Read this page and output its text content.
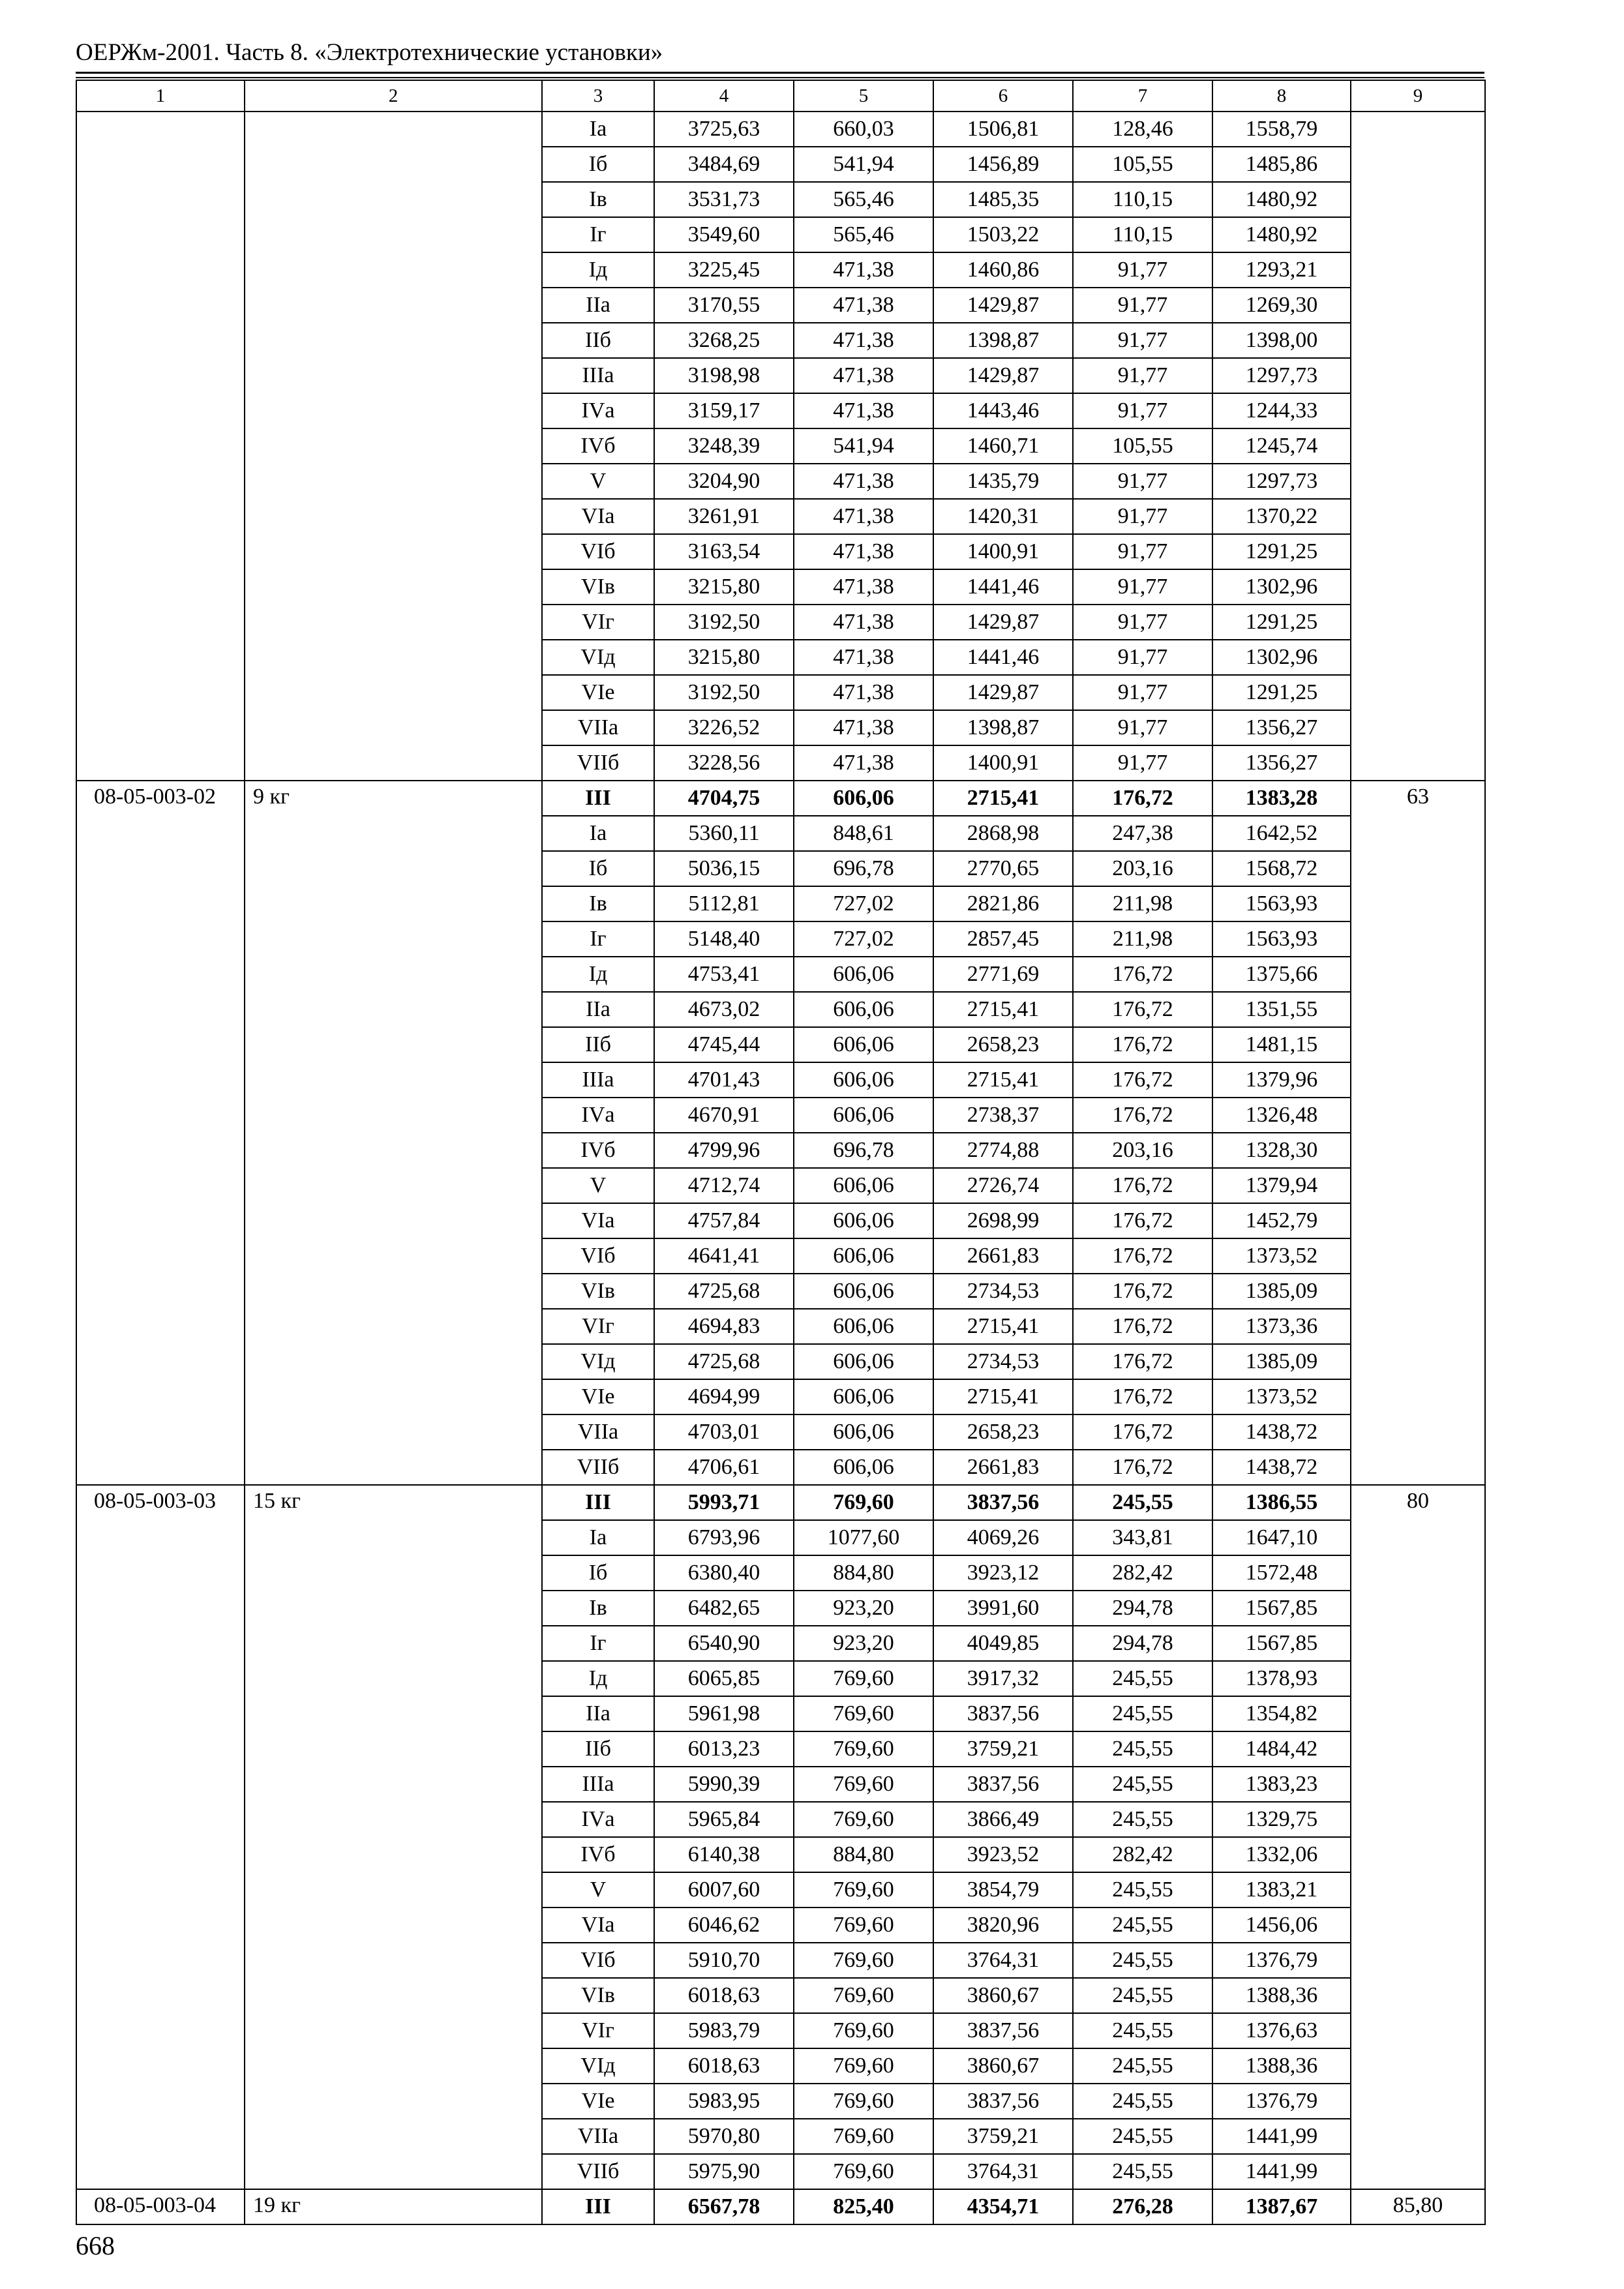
ОЕРЖм-2001. Часть 8. «Электротехнические установки»
1	2	3	4	5	6	7	8	9
		Iа	3725,63	660,03	1506,81	128,46	1558,79	
		Iб	3484,69	541,94	1456,89	105,55	1485,86	
		Iв	3531,73	565,46	1485,35	110,15	1480,92	
		Iг	3549,60	565,46	1503,22	110,15	1480,92	
		Iд	3225,45	471,38	1460,86	91,77	1293,21	
		IIа	3170,55	471,38	1429,87	91,77	1269,30	
		IIб	3268,25	471,38	1398,87	91,77	1398,00	
		IIIа	3198,98	471,38	1429,87	91,77	1297,73	
		IVа	3159,17	471,38	1443,46	91,77	1244,33	
		IVб	3248,39	541,94	1460,71	105,55	1245,74	
		V	3204,90	471,38	1435,79	91,77	1297,73	
		VIа	3261,91	471,38	1420,31	91,77	1370,22	
		VIб	3163,54	471,38	1400,91	91,77	1291,25	
		VIв	3215,80	471,38	1441,46	91,77	1302,96	
		VIг	3192,50	471,38	1429,87	91,77	1291,25	
		VIд	3215,80	471,38	1441,46	91,77	1302,96	
		VIе	3192,50	471,38	1429,87	91,77	1291,25	
		VIIа	3226,52	471,38	1398,87	91,77	1356,27	
		VIIб	3228,56	471,38	1400,91	91,77	1356,27	
08-05-003-02	9 кг	III	4704,75	606,06	2715,41	176,72	1383,28	63
		Iа	5360,11	848,61	2868,98	247,38	1642,52	
		Iб	5036,15	696,78	2770,65	203,16	1568,72	
		Iв	5112,81	727,02	2821,86	211,98	1563,93	
		Iг	5148,40	727,02	2857,45	211,98	1563,93	
		Iд	4753,41	606,06	2771,69	176,72	1375,66	
		IIа	4673,02	606,06	2715,41	176,72	1351,55	
		IIб	4745,44	606,06	2658,23	176,72	1481,15	
		IIIа	4701,43	606,06	2715,41	176,72	1379,96	
		IVа	4670,91	606,06	2738,37	176,72	1326,48	
		IVб	4799,96	696,78	2774,88	203,16	1328,30	
		V	4712,74	606,06	2726,74	176,72	1379,94	
		VIа	4757,84	606,06	2698,99	176,72	1452,79	
		VIб	4641,41	606,06	2661,83	176,72	1373,52	
		VIв	4725,68	606,06	2734,53	176,72	1385,09	
		VIг	4694,83	606,06	2715,41	176,72	1373,36	
		VIд	4725,68	606,06	2734,53	176,72	1385,09	
		VIе	4694,99	606,06	2715,41	176,72	1373,52	
		VIIа	4703,01	606,06	2658,23	176,72	1438,72	
		VIIб	4706,61	606,06	2661,83	176,72	1438,72	
08-05-003-03	15 кг	III	5993,71	769,60	3837,56	245,55	1386,55	80
		Iа	6793,96	1077,60	4069,26	343,81	1647,10	
		Iб	6380,40	884,80	3923,12	282,42	1572,48	
		Iв	6482,65	923,20	3991,60	294,78	1567,85	
		Iг	6540,90	923,20	4049,85	294,78	1567,85	
		Iд	6065,85	769,60	3917,32	245,55	1378,93	
		IIа	5961,98	769,60	3837,56	245,55	1354,82	
		IIб	6013,23	769,60	3759,21	245,55	1484,42	
		IIIа	5990,39	769,60	3837,56	245,55	1383,23	
		IVа	5965,84	769,60	3866,49	245,55	1329,75	
		IVб	6140,38	884,80	3923,52	282,42	1332,06	
		V	6007,60	769,60	3854,79	245,55	1383,21	
		VIа	6046,62	769,60	3820,96	245,55	1456,06	
		VIб	5910,70	769,60	3764,31	245,55	1376,79	
		VIв	6018,63	769,60	3860,67	245,55	1388,36	
		VIг	5983,79	769,60	3837,56	245,55	1376,63	
		VIд	6018,63	769,60	3860,67	245,55	1388,36	
		VIе	5983,95	769,60	3837,56	245,55	1376,79	
		VIIа	5970,80	769,60	3759,21	245,55	1441,99	
		VIIб	5975,90	769,60	3764,31	245,55	1441,99	
08-05-003-04	19 кг	III	6567,78	825,40	4354,71	276,28	1387,67	85,80
668
